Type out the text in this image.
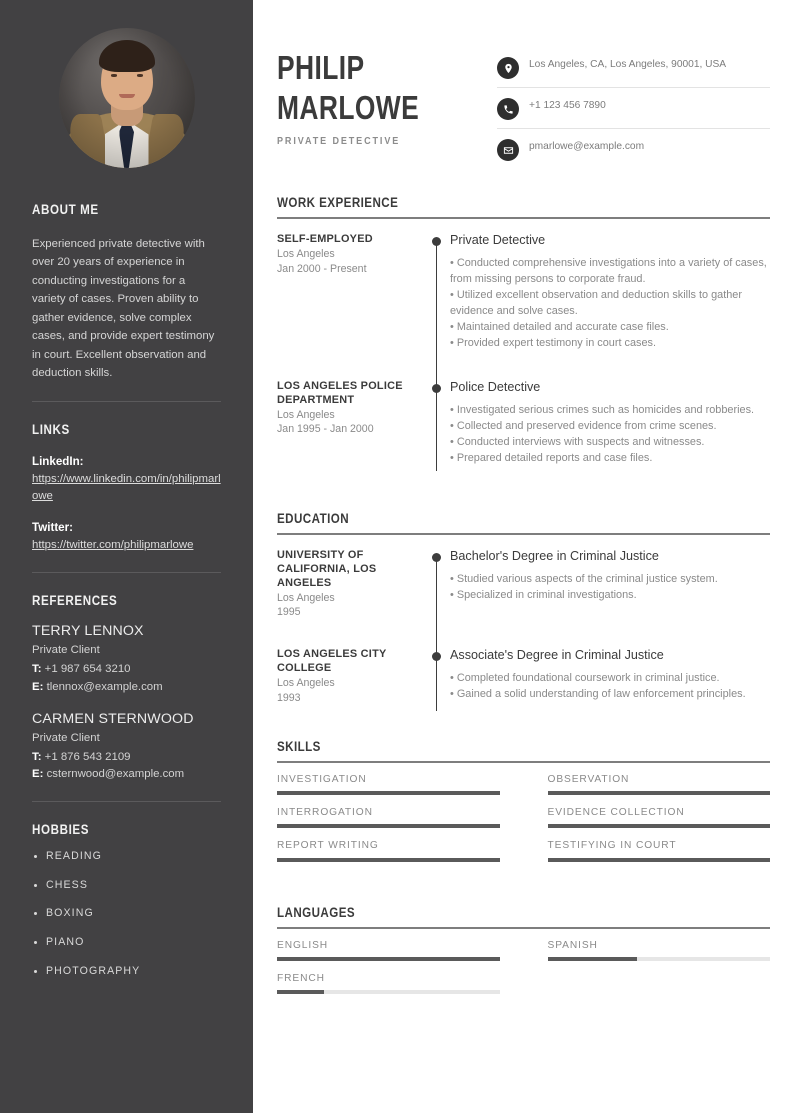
ABOUT ME

Experienced private detective with over 20 years of experience in conducting investigations for a variety of cases. Proven ability to gather evidence, solve complex cases, and provide expert testimony in court. Excellent observation and deduction skills.

LINKS
LinkedIn:
https://www.linkedin.com/in/philipmarlowe
Twitter:
https://twitter.com/philipmarlowe
REFERENCES
TERRY LENNOX
Private Client
T: +1 987 654 3210
E: tlennox@example.com
CARMEN STERNWOOD
Private Client
T: +1 876 543 2109
E: csternwood@example.com
HOBBIES
READING
CHESS
BOXING
PIANO
PHOTOGRAPHY
PHILIP
MARLOWE
PRIVATE DETECTIVE
Los Angeles, CA, Los Angeles, 90001, USA
+1 123 456 7890
pmarlowe@example.com
WORK EXPERIENCE
SELF-EMPLOYED
Los Angeles
Jan 2000 - Present
Private Detective
• Conducted comprehensive investigations into a variety of cases, from missing persons to corporate fraud.
• Utilized excellent observation and deduction skills to gather evidence and solve cases.
• Maintained detailed and accurate case files.
• Provided expert testimony in court cases.
LOS ANGELES POLICE DEPARTMENT
Los Angeles
Jan 1995 - Jan 2000
Police Detective
• Investigated serious crimes such as homicides and robberies.
• Collected and preserved evidence from crime scenes.
• Conducted interviews with suspects and witnesses.
• Prepared detailed reports and case files.
EDUCATION
UNIVERSITY OF CALIFORNIA, LOS ANGELES
Los Angeles
1995
Bachelor's Degree in Criminal Justice
• Studied various aspects of the criminal justice system.
• Specialized in criminal investigations.
LOS ANGELES CITY COLLEGE
Los Angeles
1993
Associate's Degree in Criminal Justice
• Completed foundational coursework in criminal justice.
• Gained a solid understanding of law enforcement principles.
SKILLS
INVESTIGATION	OBSERVATION
INTERROGATION	EVIDENCE COLLECTION
REPORT WRITING	TESTIFYING IN COURT
LANGUAGES
ENGLISH	SPANISH
FRENCH
